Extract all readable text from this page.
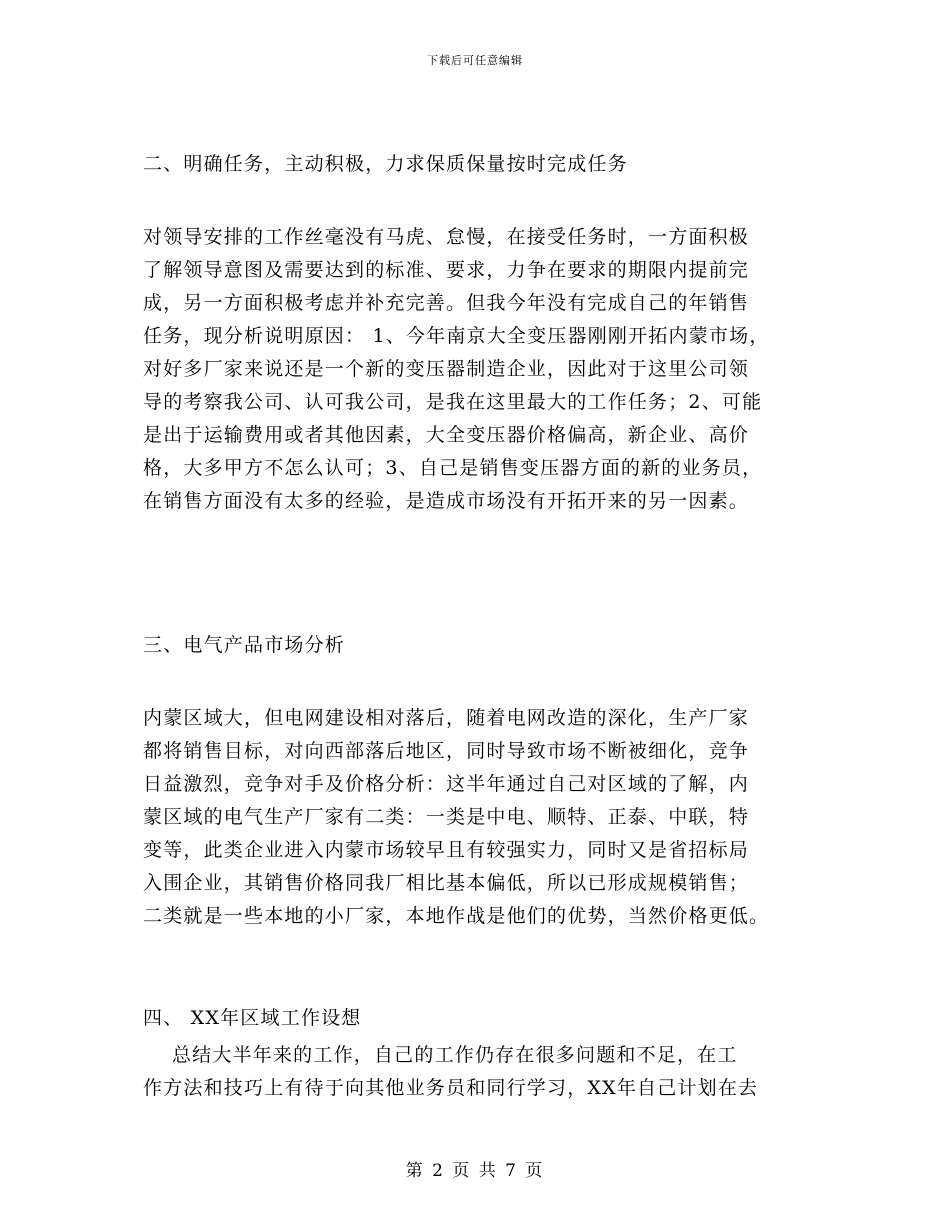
下载后可任意编辑

二、明确任务，主动积极，力求保质保量按时完成任务

对领导安排的工作丝毫没有马虎、怠慢，在接受任务时，一方面积极

了解领导意图及需要达到的标准、要求，力争在要求的期限内提前完

成，另一方面积极考虑并补充完善。但我今年没有完成自己的年销售

任务，现分析说明原因： 1、今年南京大全变压器刚刚开拓内蒙市场，

对好多厂家来说还是一个新的变压器制造企业，因此对于这里公司领

导的考察我公司、认可我公司，是我在这里最大的工作任务；2、可能

是出于运输费用或者其他因素，大全变压器价格偏高，新企业、高价

格，大多甲方不怎么认可；3、自己是销售变压器方面的新的业务员，

在销售方面没有太多的经验，是造成市场没有开拓开来的另一因素。

三、电气产品市场分析

内蒙区域大，但电网建设相对落后，随着电网改造的深化，生产厂家

都将销售目标，对向西部落后地区，同时导致市场不断被细化，竞争

日益激烈，竞争对手及价格分析：这半年通过自己对区域的了解，内

蒙区域的电气生产厂家有二类：一类是中电、顺特、正泰、中联，特

变等，此类企业进入内蒙市场较早且有较强实力，同时又是省招标局

入围企业，其销售价格同我厂相比基本偏低，所以已形成规模销售；

二类就是一些本地的小厂家，本地作战是他们的优势，当然价格更低。

四、 XX年区域工作设想

总结大半年来的工作，自己的工作仍存在很多问题和不足，在工

作方法和技巧上有待于向其他业务员和同行学习，XX年自己计划在去

第 2 页 共 7 页
